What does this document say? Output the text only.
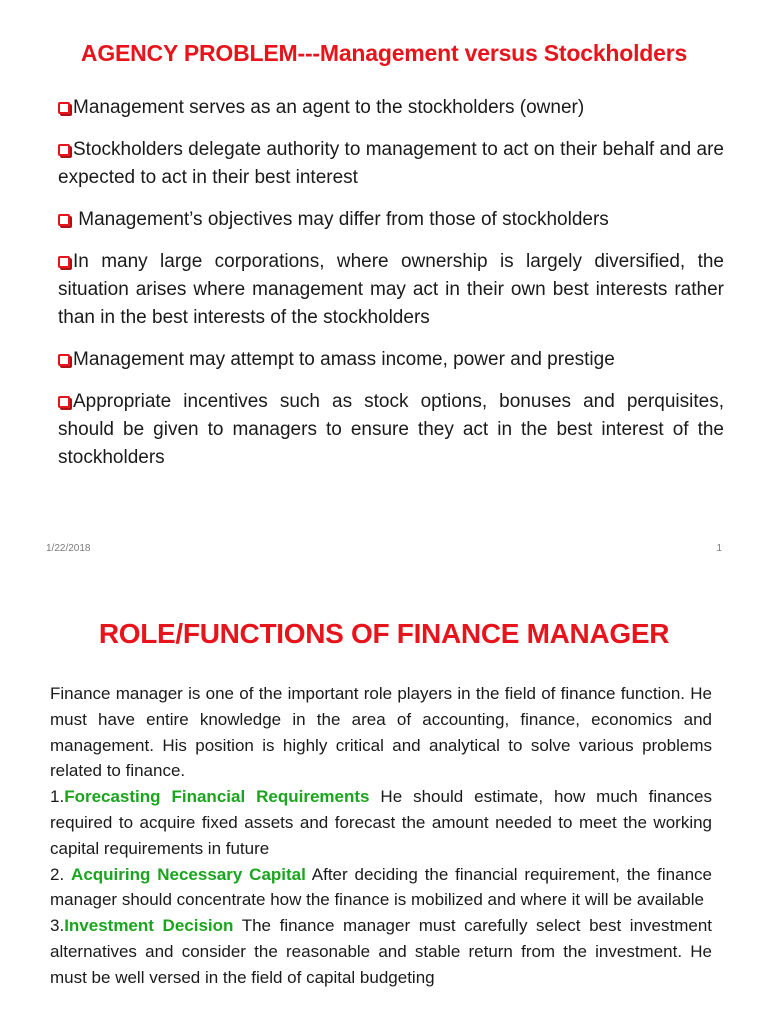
AGENCY PROBLEM---Management versus Stockholders
Management serves as an agent to the stockholders (owner)
Stockholders delegate authority to management to act on their behalf and are expected to act in their best interest
Management’s objectives may differ from those of stockholders
In many large corporations, where ownership is largely diversified, the situation arises where management may act in their own best interests rather than in the best interests of the stockholders
Management may attempt to amass income, power and prestige
Appropriate incentives such as stock options, bonuses and perquisites, should be given to managers to ensure they act in the best interest of the stockholders
1/22/2018	1
ROLE/FUNCTIONS OF FINANCE MANAGER

Finance manager is one of the important role players in the field of finance function. He must have entire knowledge in the area of accounting, finance, economics and management. His position is highly critical and analytical to solve various problems related to finance.

1.Forecasting Financial Requirements He should estimate, how much finances required to acquire fixed assets and forecast the amount needed to meet the working capital requirements in future

2. Acquiring Necessary Capital After deciding the financial requirement, the finance manager should concentrate how the finance is mobilized and where it will be available

3.Investment Decision The finance manager must carefully select best investment alternatives and consider the reasonable and stable return from the investment. He must be well versed in the field of capital budgeting
